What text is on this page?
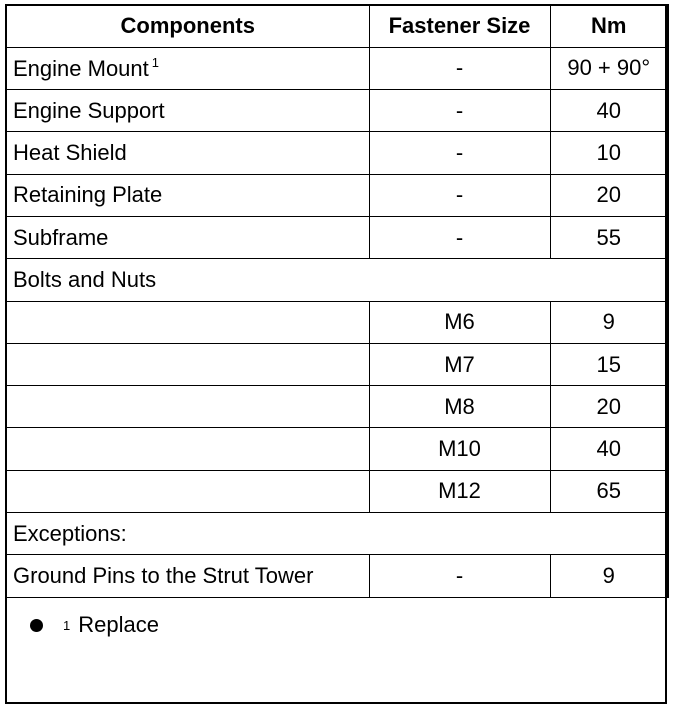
Components	Fastener Size	Nm
Engine Mount $^1$	-	90 + 90°
Engine Support	-	40
Heat Shield	-	10
Retaining Plate	-	20
Subframe	-	55
Bolts and Nuts		
	M6	9
	M7	15
	M8	20
	M10	40
	M12	65
Exceptions:		
Ground Pins to the Strut Tower	-	9
1 Replace
